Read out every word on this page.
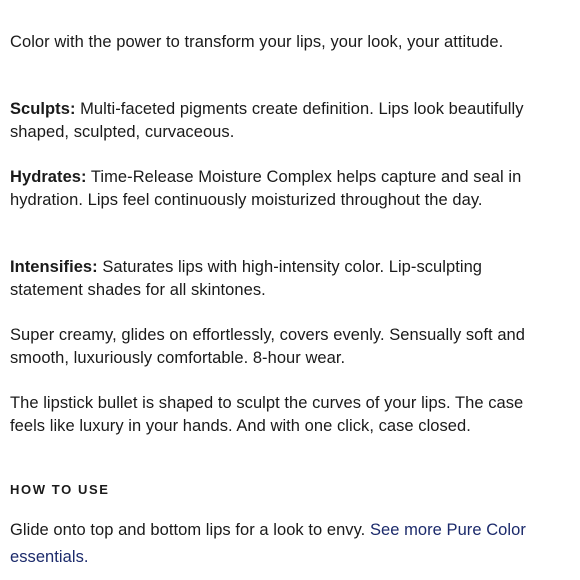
Color with the power to transform your lips, your look, your attitude.

Sculpts: Multi-faceted pigments create definition. Lips look beautifully shaped, sculpted, curvaceous.

Hydrates: Time-Release Moisture Complex helps capture and seal in hydration. Lips feel continuously moisturized throughout the day.

Intensifies: Saturates lips with high-intensity color. Lip-sculpting statement shades for all skintones.

Super creamy, glides on effortlessly, covers evenly. Sensually soft and smooth, luxuriously comfortable. 8-hour wear.

The lipstick bullet is shaped to sculpt the curves of your lips. The case feels like luxury in your hands. And with one click, case closed.

HOW TO USE

Glide onto top and bottom lips for a look to envy. See more Pure Color essentials.
